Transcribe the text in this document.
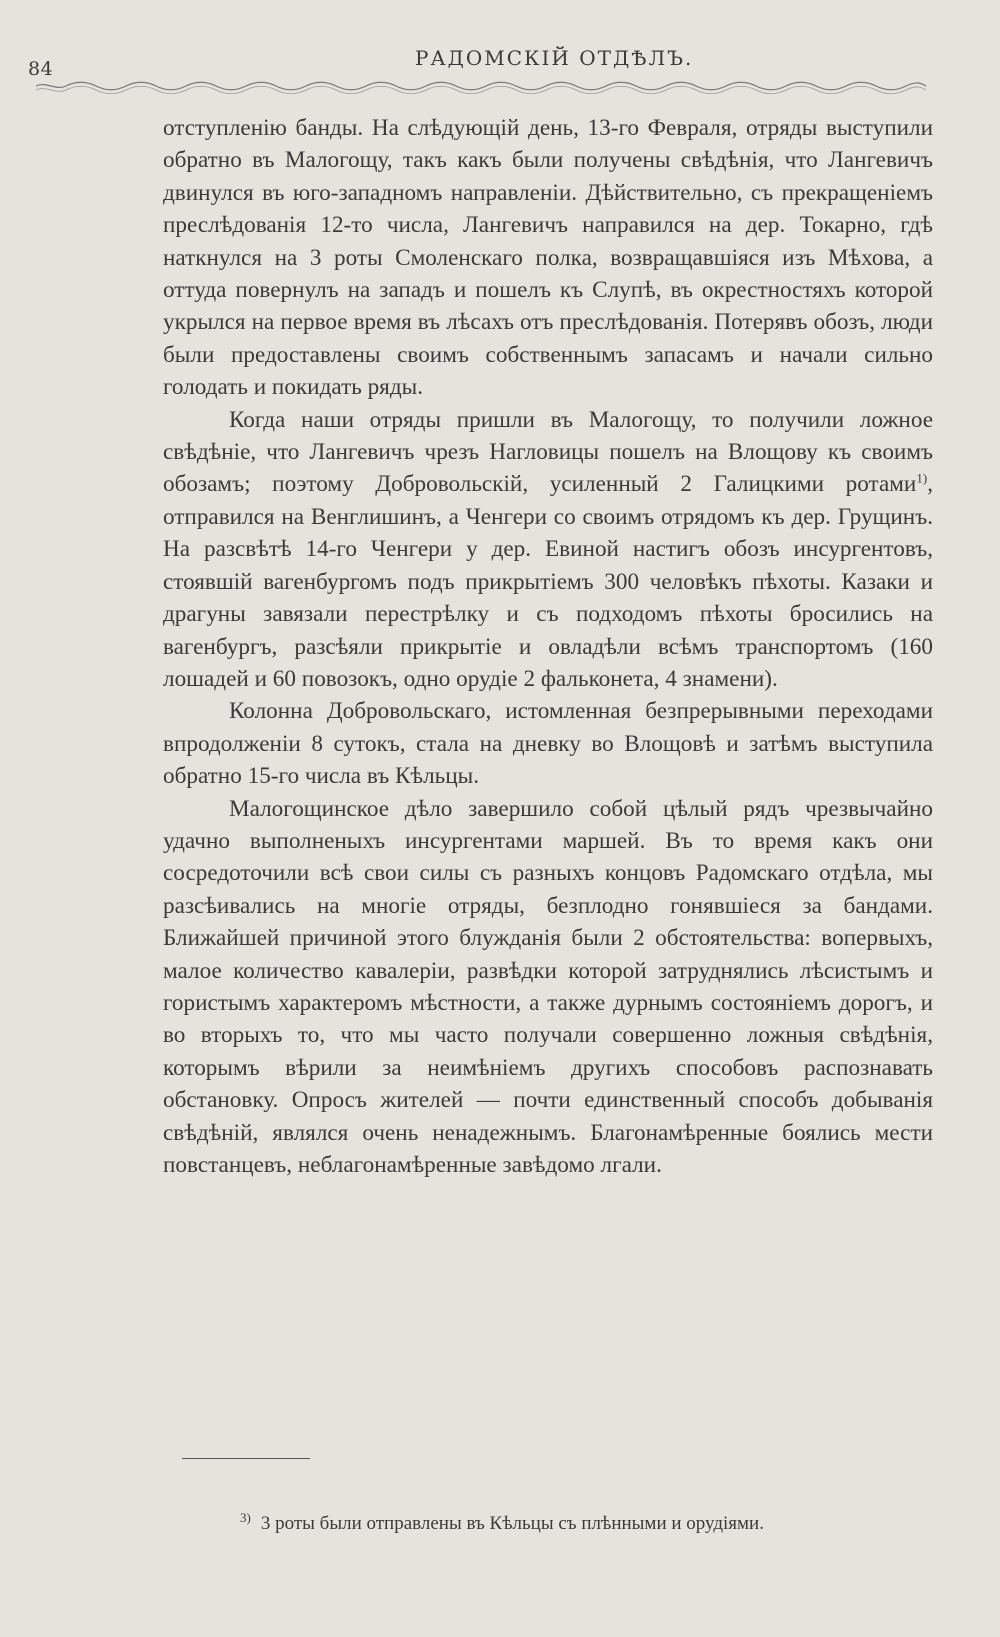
84	РАДОМСКІЙ ОТДѢЛЪ.

отступленію банды. На слѣдующій день, 13-го Февраля, отряды выступили обратно въ Малогощу, такъ какъ были получены свѣдѣнія, что Лангевичъ двинулся въ юго-западномъ направленіи. Дѣйствительно, съ прекращеніемъ преслѣдованія 12-то числа, Лангевичъ направился на дер. Токарно, гдѣ наткнулся на 3 роты Смоленскаго полка, возвращавшіяся изъ Мѣхова, а оттуда повернулъ на западъ и пошелъ къ Слупѣ, въ окрестностяхъ которой укрылся на первое время въ лѣсахъ отъ преслѣдованія. Потерявъ обозъ, люди были предоставлены своимъ собственнымъ запасамъ и начали сильно голодать и покидать ряды.

Когда наши отряды пришли въ Малогощу, то получили ложное свѣдѣніе, что Лангевичъ чрезъ Нагловицы пошелъ на Влощову къ своимъ обозамъ; поэтому Добровольскій, усиленный 2 Галицкими ротами$^{1)}$, отправился на Венглишинъ, а Ченгери со своимъ отрядомъ къ дер. Грущинъ. На разсвѣтѣ 14-го Ченгери у дер. Евиной настигъ обозъ инсургентовъ, стоявшій вагенбургомъ подъ прикрытіемъ 300 человѣкъ пѣхоты. Казаки и драгуны завязали перестрѣлку и съ подходомъ пѣхоты бросились на вагенбургъ, разсѣяли прикрытіе и овладѣли всѣмъ транспортомъ (160 лошадей и 60 повозокъ, одно орудіе 2 фальконета, 4 знамени).

Колонна Добровольскаго, истомленная безпрерывными переходами впродолженіи 8 сутокъ, стала на дневку во Влощовѣ и затѣмъ выступила обратно 15-го числа въ Кѣльцы.

Малогощинское дѣло завершило собой цѣлый рядъ чрезвычайно удачно выполненыхъ инсургентами маршей. Въ то время какъ они сосредоточили всѣ свои силы съ разныхъ концовъ Радомскаго отдѣла, мы разсѣивались на многіе отряды, безплодно гонявшіеся за бандами. Ближайшей причиной этого блужданія были 2 обстоятельства: вопервыхъ, малое количество кавалеріи, развѣдки которой затруднялись лѣсистымъ и гористымъ характеромъ мѣстности, а также дурнымъ состояніемъ дорогъ, и во вторыхъ то, что мы часто получали совершенно ложныя свѣдѣнія, которымъ вѣрили за неимѣніемъ другихъ способовъ распознавать обстановку. Опросъ жителей — почти единственный способъ добыванія свѣдѣній, являлся очень ненадежнымъ. Благонамѣренные боялись мести повстанцевъ, неблагонамѣренные завѣдомо лгали.

$^{3)}$ 3 роты были отправлены въ Кѣльцы съ плѣнными и орудіями.
